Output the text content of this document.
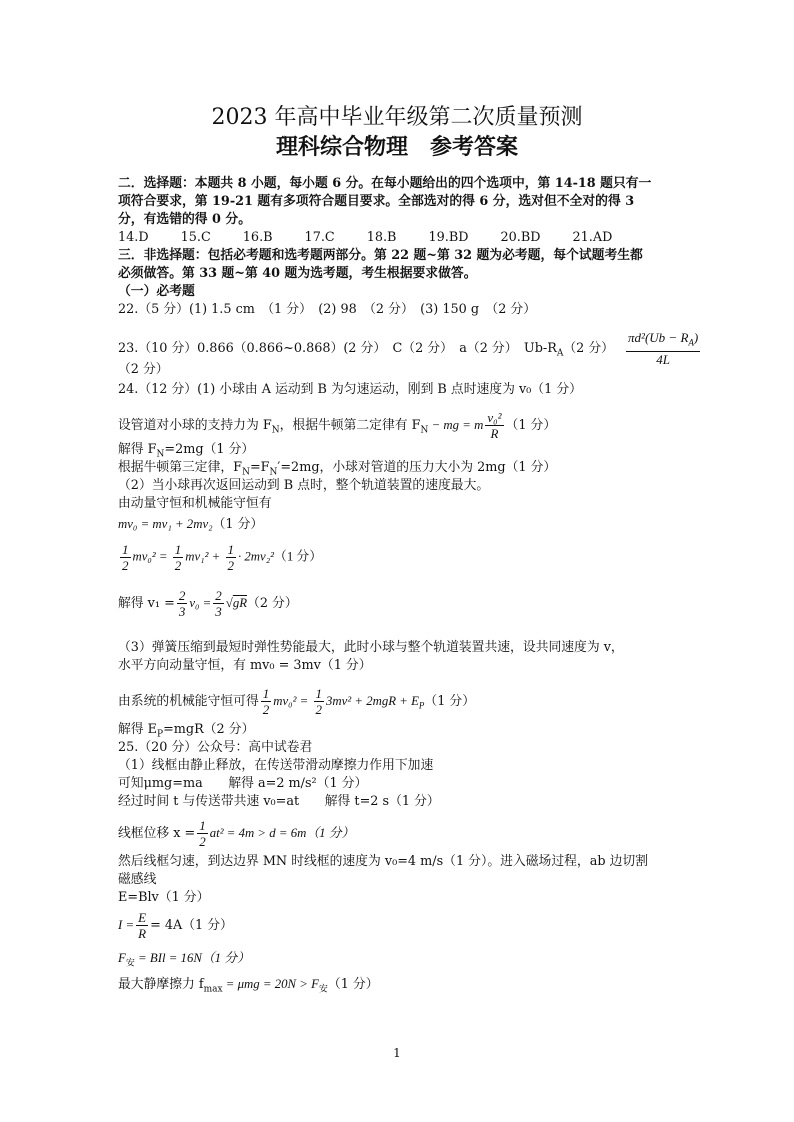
2023 年高中毕业年级第二次质量预测
理科综合物理　参考答案
二．选择题：本题共 8 小题，每小题 6 分。在每小题给出的四个选项中，第 14-18 题只有一
项符合要求，第 19-21 题有多项符合题目要求。全部选对的得 6 分，选对但不全对的得 3
分，有选错的得 0 分。
14.D	15.C	16.B	17.C	18.B	19.BD	20.BD	21.AD
三．非选择题：包括必考题和选考题两部分。第 22 题~第 32 题为必考题，每个试题考生都
必须做答。第 33 题~第 40 题为选考题，考生根据要求做答。
（一）必考题
22.（5 分）(1) 1.5 cm　（1 分）　(2) 98　（2 分）　(3) 150 g　（2 分）
23.（10 分）0.866（0.866~0.868）(2 分）　C（2 分）　a（2 分）　$Ub-R_A(2$ 分） $\frac{\pi d^2(Ub - R_A)}{4L}$
（2 分）
24.（12 分）(1) 小球由 A 运动到 B 为匀速运动，刚到 B 点时速度为 v₀（1 分）
设管道对小球的支持力为 $F_N$，根据牛顿第二定律有 $F_N$ − mg = m $\frac{\text{v₀²}}{R} (1$ 分）
解得 $F_N=2mg(1$ 分）
根据牛顿第三定律，$F_N=F_N'=2mg$，小球对管道的压力大小为 2mg（1 分）
（2）当小球再次返回运动到 B 点时，整个轨道装置的速度最大。
由动量守恒和机械能守恒有
mv₀ = mv₁ + 2mv₂（1 分）
$\frac{1}{2} mv_0^2 = \frac{1}{2} mv_1^2 + \frac{1}{2} \cdot 2mv_2^2(1$ 分）
解得 $v_1 = \frac{2}{3} v_0 = \frac{2}{3} √gR(2$ 分）
（3）弹簧压缩到最短时弹性势能最大，此时小球与整个轨道装置共速，设共同速度为 v，
水平方向动量守恒，有 mv₀ = 3mv（1 分）
由系统的机械能守恒可得 $\frac{1}{2} mv_0^2 = \frac{1}{2} 3mv^2 + 2mgR + E_P(1$ 分）
解得 $E_P=mgR(2$ 分）
25.（20 分）公众号：高中试卷君
（1）线框由静止释放，在传送带滑动摩擦力作用下加速
可知μmg=ma　　解得 a=2 m/s²（1 分）
经过时间 t 与传送带共速 v₀=at　　解得 t=2 s（1 分）
线框位移 $x = \frac{1}{2} at^2 = 4m > d = 6m(1$ 分）
然后线框匀速，到达边界 MN 时线框的速度为 v₀=4 m/s（1 分）。进入磁场过程，ab 边切割
磁感线
E=Blv（1 分）
$I = \frac{E}{R} = 4A(1$ 分）
$F_安$ = BIl = 16N（1 分）
最大静摩擦力 $f_{max} = \mu mg = 20N > F_安(1$ 分）
1
